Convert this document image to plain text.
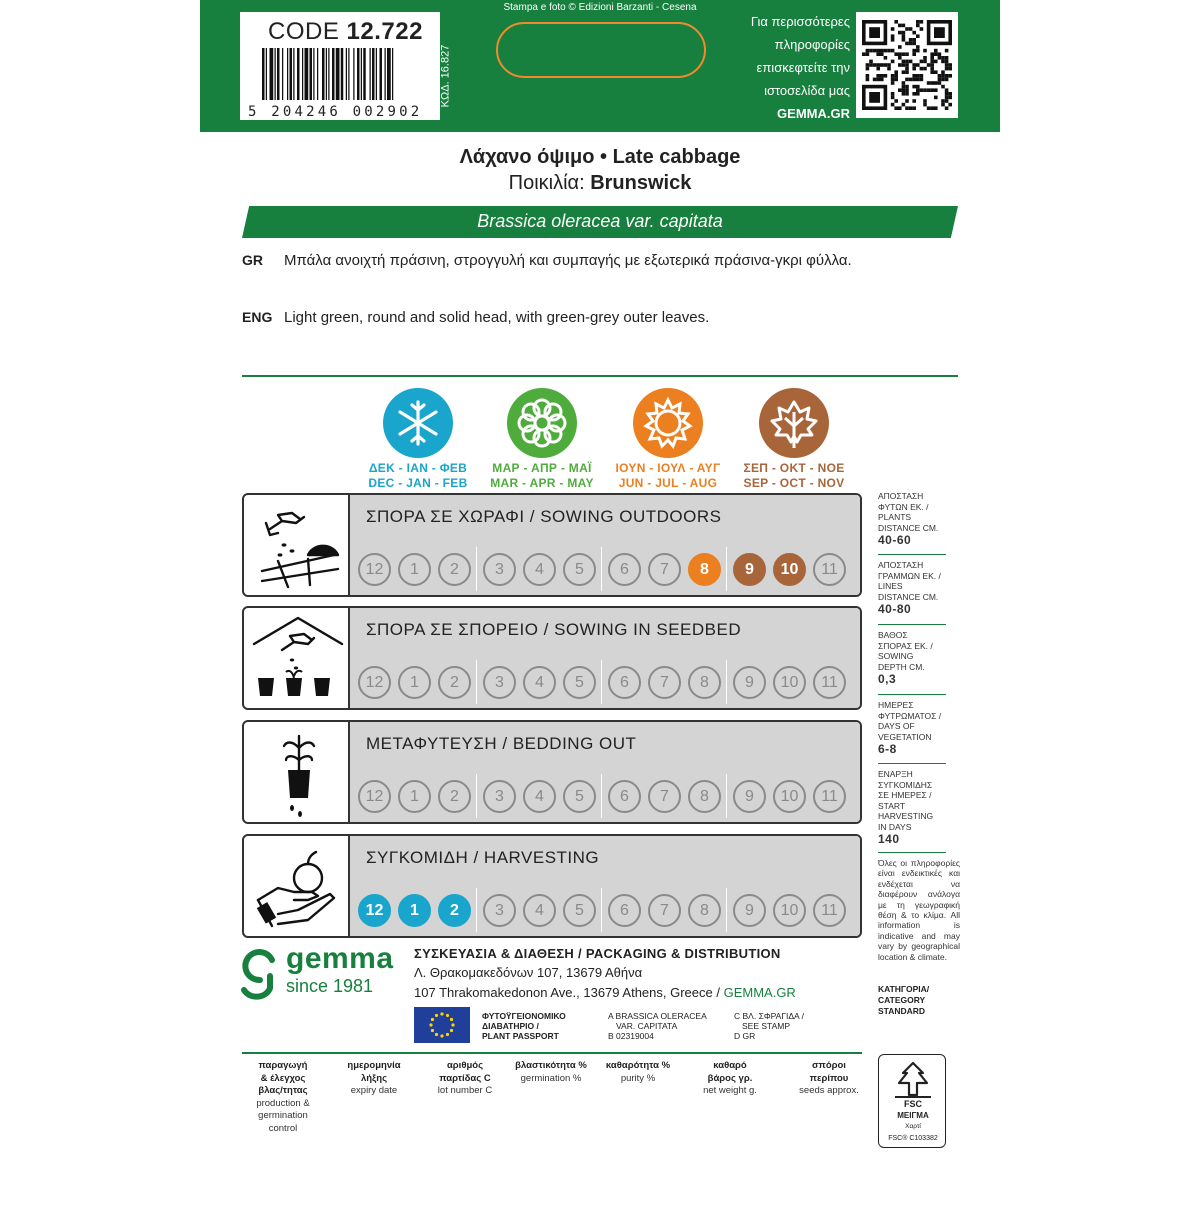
CODE 12.722
5 204246 002902
ΚΩΔ. 16.827
Stampa e foto © Edizioni Barzanti - Cesena
Για περισσότερες
πληροφορίες
επισκεφτείτε την
ιστοσελίδα μας
GEMMA.GR
Λάχανο όψιμο • Late cabbage
Ποικιλία: Brunswick
Brassica oleracea var. capitata
GR Μπάλα ανοιχτή πράσινη, στρογγυλή και συμπαγής με εξωτερικά πράσινα-γκρι φύλλα.
ENG Light green, round and solid head, with green-grey outer leaves.
ΔΕΚ - ΙΑΝ - ΦΕΒ
DEC - JAN - FEB
ΜΑΡ - ΑΠΡ - ΜΑΪ
MAR - APR - MAY
ΙΟΥΝ - ΙΟΥΛ - ΑΥΓ
JUN - JUL - AUG
ΣΕΠ - ΟΚΤ - ΝΟΕ
SEP - OCT - NOV
ΣΠΟΡΑ ΣΕ ΧΩΡΑΦΙ / SOWING OUTDOORS
12	1	2	3	4	5	6	7	8	9	10	11
ΣΠΟΡΑ ΣΕ ΣΠΟΡΕΙΟ / SOWING IN SEEDBED
12	1	2	3	4	5	6	7	8	9	10	11
ΜΕΤΑΦΥΤΕΥΣΗ / BEDDING OUT
12	1	2	3	4	5	6	7	8	9	10	11
ΣΥΓΚΟΜΙΔΗ / HARVESTING
12	1	2	3	4	5	6	7	8	9	10	11
ΑΠΟΣΤΑΣΗ
ΦΥΤΩΝ ΕΚ. /
PLANTS
DISTANCE CM.
40-60
ΑΠΟΣΤΑΣΗ
ΓΡΑΜΜΩΝ ΕΚ. /
LINES
DISTANCE CM.
40-80
ΒΑΘΟΣ
ΣΠΟΡΑΣ ΕΚ. /
SOWING
DEPTH CM.
0,3
ΗΜΕΡΕΣ
ΦΥΤΡΩΜΑΤΟΣ /
DAYS OF
VEGETATION
6-8
ΕΝΑΡΞΗ
ΣΥΓΚΟΜΙΔΗΣ
ΣΕ ΗΜΕΡΕΣ /
START
HARVESTING
IN DAYS
140
Όλες οι πληροφορίες είναι ενδεικτικές και ενδέχεται να διαφέρουν ανάλογα με τη γεωγραφική θέση & το κλίμα. All information is indicative and may vary by geographical location & climate.
ΚΑΤΗΓΟΡΙΑ/
CATEGORY
STANDARD
gemma
since 1981
ΣΥΣΚΕΥΑΣΙΑ & ΔΙΑΘΕΣΗ / PACKAGING & DISTRIBUTION
Λ. Θρακομακεδόνων 107, 13679 Αθήνα
107 Thrakomakedonon Ave., 13679 Athens, Greece / GEMMA.GR
ΦΥΤΟΫΓΕΙΟΝΟΜΙΚΟ
ΔΙΑΒΑΤΗΡΙΟ /
PLANT PASSPORT
A BRASSICA OLERACEA
VAR. CAPITATA
B 02319004
C ΒΛ. ΣΦΡΑΓΙΔΑ /
SEE STAMP
D GR
παραγωγή
& έλεγχος
βλας/τητας
production &
germination
control
ημερομηνία
λήξης
expiry date
αριθμός
παρτίδας C
lot number C
βλαστικότητα %
germination %
καθαρότητα %
purity %
καθαρό
βάρος γρ.
net weight g.
σπόροι
περίπου
seeds approx.
FSC
ΜΕΙΓΜΑ
Χαρτί
FSC® C103382
